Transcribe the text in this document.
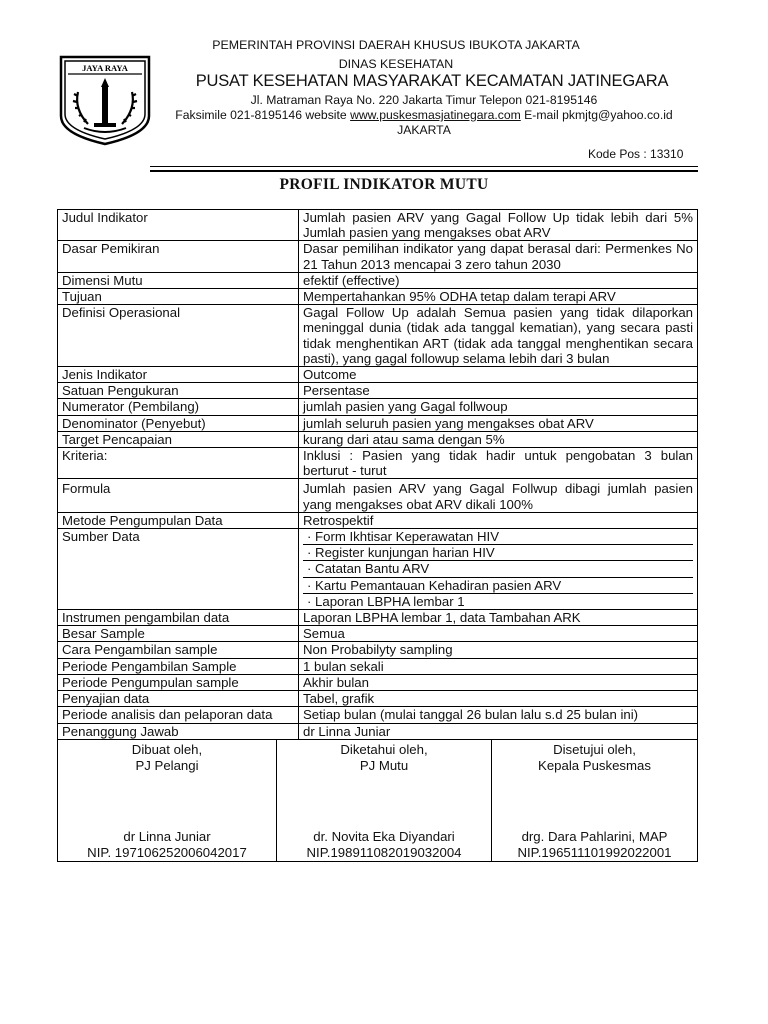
PEMERINTAH PROVINSI DAERAH KHUSUS IBUKOTA JAKARTA
DINAS KESEHATAN
PUSAT KESEHATAN MASYARAKAT KECAMATAN JATINEGARA
Jl. Matraman Raya No. 220 Jakarta Timur Telepon 021-8195146
Faksimile 021-8195146 website www.puskesmasjatinegara.com E-mail pkmjtg@yahoo.co.id
JAKARTA
JAYA RAYA
Kode Pos : 13310
PROFIL INDIKATOR MUTU
Judul Indikator	Jumlah pasien ARV yang Gagal Follow Up tidak lebih dari 5% Jumlah pasien yang mengakses obat ARV
Dasar Pemikiran	Dasar pemilihan indikator yang dapat berasal dari: Permenkes No 21 Tahun 2013 mencapai 3 zero tahun 2030
Dimensi Mutu	efektif (effective)
Tujuan	Mempertahankan 95% ODHA tetap dalam terapi ARV
Definisi Operasional	Gagal Follow Up adalah Semua pasien yang tidak dilaporkan meninggal dunia (tidak ada tanggal kematian), yang secara pasti tidak menghentikan ART (tidak ada tanggal menghentikan secara pasti), yang gagal followup selama lebih dari 3 bulan
Jenis Indikator	Outcome
Satuan Pengukuran	Persentase
Numerator (Pembilang)	jumlah pasien yang Gagal follwoup
Denominator (Penyebut)	jumlah seluruh pasien yang mengakses obat ARV
Target Pencapaian	kurang dari atau sama dengan 5%
Kriteria:	Inklusi : Pasien yang tidak hadir untuk pengobatan 3 bulan berturut - turut
Formula	Jumlah pasien ARV yang Gagal Follwup dibagi jumlah pasien yang mengakses obat ARV dikali 100%
Metode Pengumpulan Data	Retrospektif
Sumber Data	· Form Ikhtisar Keperawatan HIV
· Register kunjungan harian HIV
· Catatan Bantu ARV
· Kartu Pemantauan Kehadiran pasien ARV
· Laporan LBPHA lembar 1

Instrumen pengambilan data	Laporan LBPHA lembar 1, data Tambahan ARK
Besar Sample	Semua
Cara Pengambilan sample	Non Probabilyty sampling
Periode Pengambilan Sample	1 bulan sekali
Periode Pengumpulan sample	Akhir bulan
Penyajian data	Tabel, grafik
Periode analisis dan pelaporan data	Setiap bulan (mulai tanggal 26 bulan lalu s.d 25 bulan ini)
Penanggung Jawab	dr Linna Juniar
Dibuat oleh,
PJ Pelangi
dr Linna Juniar
NIP. 197106252006042017

Diketahui oleh,
PJ Mutu
dr. Novita Eka Diyandari
NIP.198911082019032004

Disetujui oleh,
Kepala Puskesmas
drg. Dara Pahlarini, MAP
NIP.196511101992022001
